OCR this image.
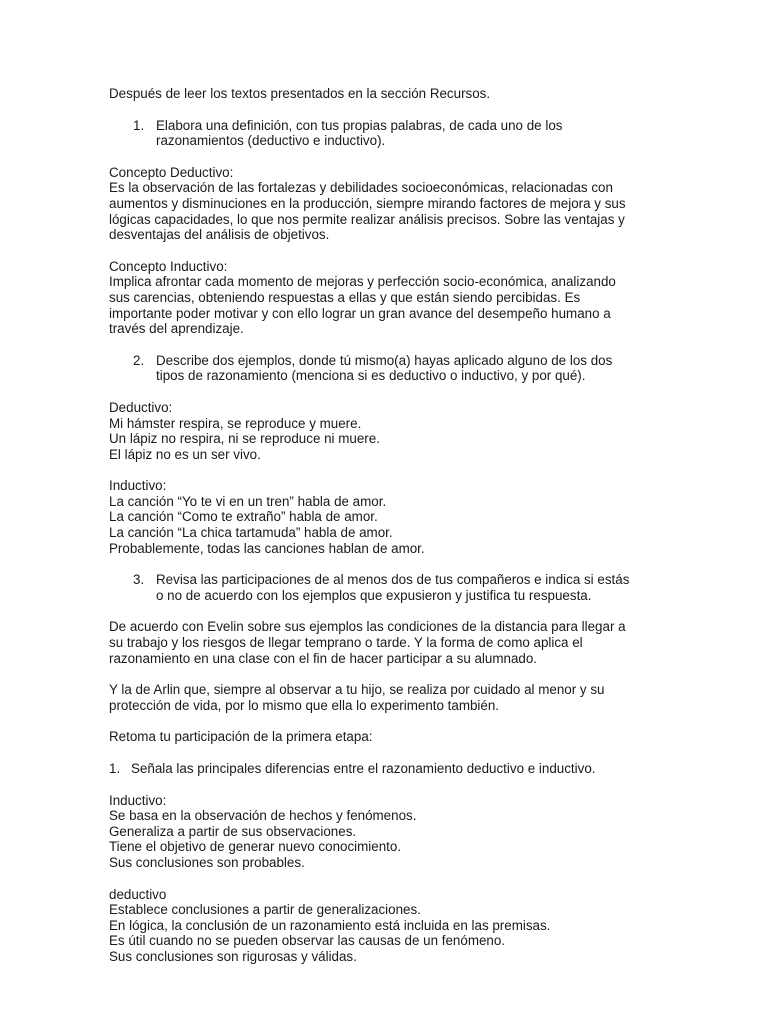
Después de leer los textos presentados en la sección Recursos.
1. Elabora una definición, con tus propias palabras, de cada uno de los
razonamientos (deductivo e inductivo).
Concepto Deductivo:
Es la observación de las fortalezas y debilidades socioeconómicas, relacionadas con
aumentos y disminuciones en la producción, siempre mirando factores de mejora y sus
lógicas capacidades, lo que nos permite realizar análisis precisos. Sobre las ventajas y
desventajas del análisis de objetivos.
Concepto Inductivo:
Implica afrontar cada momento de mejoras y perfección socio-económica, analizando
sus carencias, obteniendo respuestas a ellas y que están siendo percibidas. Es
importante poder motivar y con ello lograr un gran avance del desempeño humano a
través del aprendizaje.
2. Describe dos ejemplos, donde tú mismo(a) hayas aplicado alguno de los dos
tipos de razonamiento (menciona si es deductivo o inductivo, y por qué).
Deductivo:
Mi hámster respira, se reproduce y muere.
Un lápiz no respira, ni se reproduce ni muere.
El lápiz no es un ser vivo.
Inductivo:
La canción “Yo te vi en un tren” habla de amor.
La canción “Como te extraño” habla de amor.
La canción “La chica tartamuda” habla de amor.
Probablemente, todas las canciones hablan de amor.
3. Revisa las participaciones de al menos dos de tus compañeros e indica si estás
o no de acuerdo con los ejemplos que expusieron y justifica tu respuesta.
De acuerdo con Evelin sobre sus ejemplos las condiciones de la distancia para llegar a
su trabajo y los riesgos de llegar temprano o tarde. Y la forma de como aplica el
razonamiento en una clase con el fin de hacer participar a su alumnado.
Y la de Arlin que, siempre al observar a tu hijo, se realiza por cuidado al menor y su
protección de vida, por lo mismo que ella lo experimento también.
Retoma tu participación de la primera etapa:
1. Señala las principales diferencias entre el razonamiento deductivo e inductivo.
Inductivo:
Se basa en la observación de hechos y fenómenos.
Generaliza a partir de sus observaciones.
Tiene el objetivo de generar nuevo conocimiento.
Sus conclusiones son probables.
deductivo
Establece conclusiones a partir de generalizaciones.
En lógica, la conclusión de un razonamiento está incluida en las premisas.
Es útil cuando no se pueden observar las causas de un fenómeno.
Sus conclusiones son rigurosas y válidas.
